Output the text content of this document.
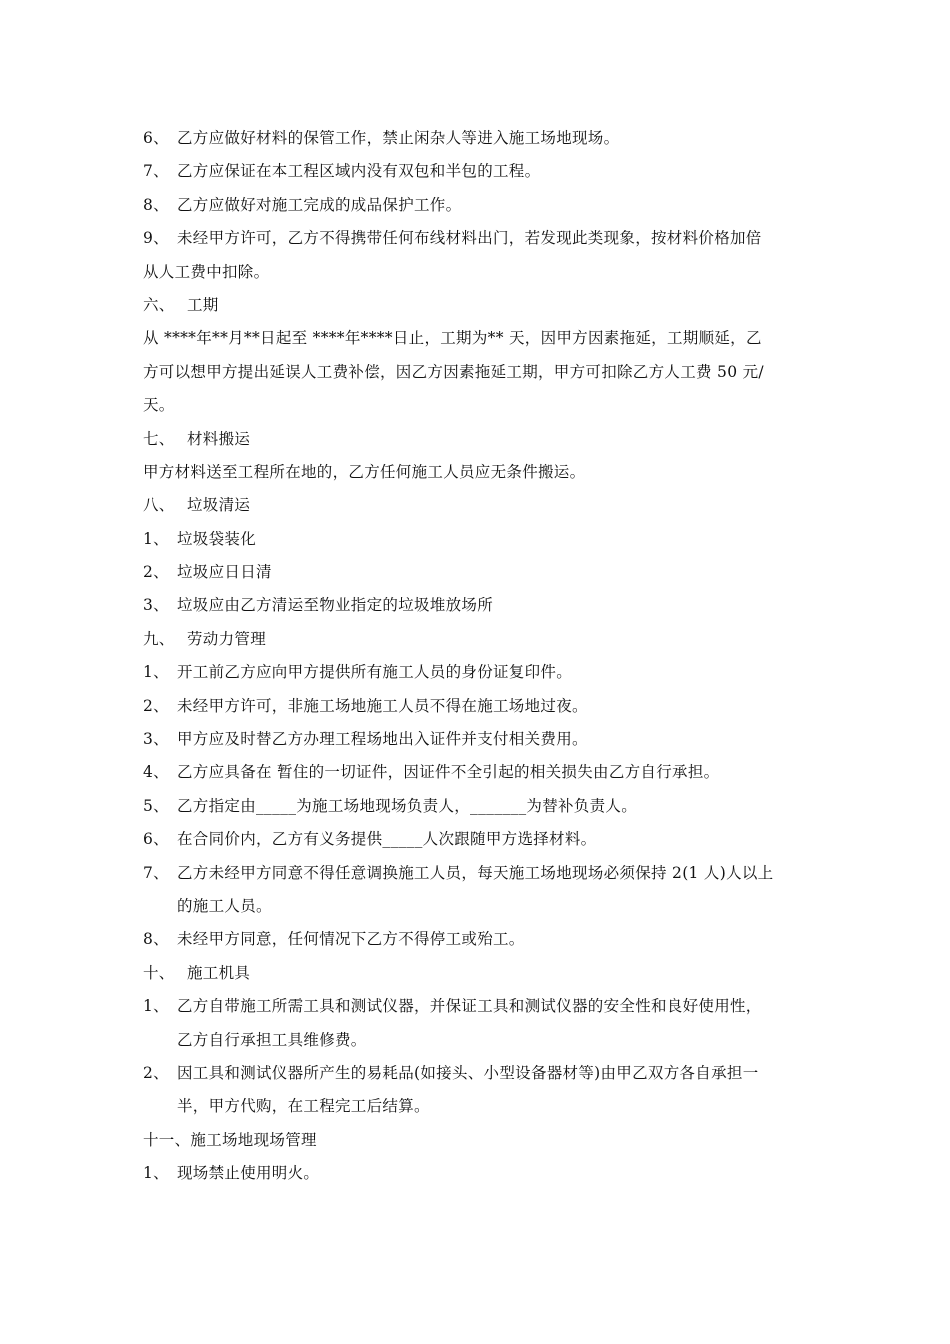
6、 乙方应做好材料的保管工作，禁止闲杂人等进入施工场地现场。
7、 乙方应保证在本工程区域内没有双包和半包的工程。
8、 乙方应做好对施工完成的成品保护工作。
9、 未经甲方许可，乙方不得携带任何布线材料出门，若发现此类现象，按材料价格加倍
从人工费中扣除。
六、 工期
从 ****年**月**日起至 ****年****日止，工期为** 天，因甲方因素拖延，工期顺延，乙
方可以想甲方提出延误人工费补偿，因乙方因素拖延工期，甲方可扣除乙方人工费 50 元/
天。
七、 材料搬运
甲方材料送至工程所在地的，乙方任何施工人员应无条件搬运。
八、 垃圾清运
1、 垃圾袋装化
2、 垃圾应日日清
3、 垃圾应由乙方清运至物业指定的垃圾堆放场所
九、 劳动力管理
1、 开工前乙方应向甲方提供所有施工人员的身份证复印件。
2、 未经甲方许可，非施工场地施工人员不得在施工场地过夜。
3、 甲方应及时替乙方办理工程场地出入证件并支付相关费用。
4、 乙方应具备在 暂住的一切证件，因证件不全引起的相关损失由乙方自行承担。
5、 乙方指定由_____为施工场地现场负责人，_______为替补负责人。
6、 在合同价内，乙方有义务提供_____人次跟随甲方选择材料。
7、 乙方未经甲方同意不得任意调换施工人员，每天施工场地现场必须保持 2(1 人)人以上
的施工人员。
8、 未经甲方同意，任何情况下乙方不得停工或殆工。
十、 施工机具
1、 乙方自带施工所需工具和测试仪器，并保证工具和测试仪器的安全性和良好使用性，
乙方自行承担工具维修费。
2、 因工具和测试仪器所产生的易耗品(如接头、小型设备器材等)由甲乙双方各自承担一
半，甲方代购，在工程完工后结算。
十一、施工场地现场管理
1、 现场禁止使用明火。
